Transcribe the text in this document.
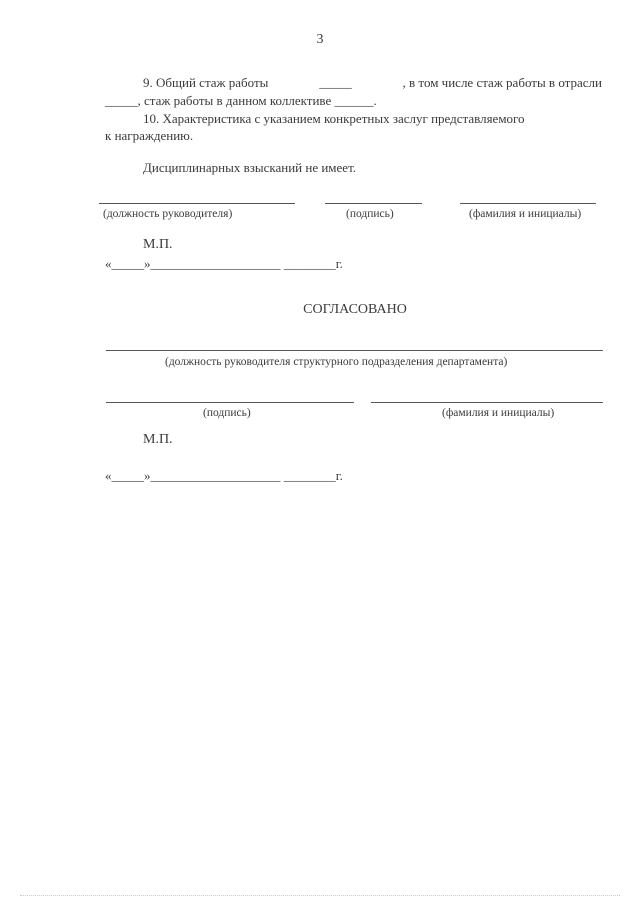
3
9. Общий стаж работы	_____	, в том числе стаж работы в отрасли
_____, стаж работы в данном коллективе ______.
10. Характеристика с указанием конкретных заслуг представляемого
к награждению.
Дисциплинарных взысканий не имеет.
(должность руководителя)	(подпись)	(фамилия и инициалы)
М.П.
«_____»____________________ ________г.
СОГЛАСОВАНО
(должность руководителя структурного подразделения департамента)
(подпись)	(фамилия и инициалы)
М.П.
«_____»____________________ ________г.
